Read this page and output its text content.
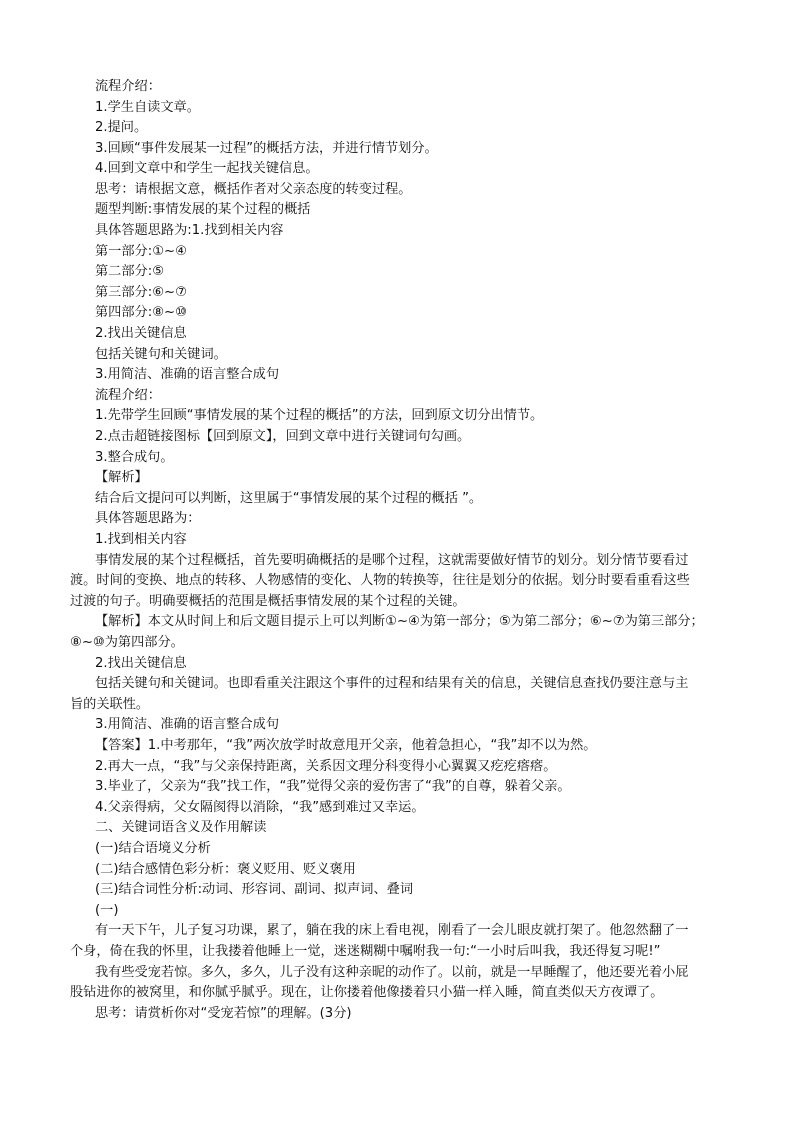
流程介绍：
1.学生自读文章。
2.提问。
3.回顾“事件发展某一过程”的概括方法，并进行情节划分。
4.回到文章中和学生一起找关键信息。
思考：请根据文意，概括作者对父亲态度的转变过程。
题型判断:事情发展的某个过程的概括
具体答题思路为:1.找到相关内容
第一部分:①~④
第二部分:⑤
第三部分:⑥~⑦
第四部分:⑧~⑩
2.找出关键信息
包括关键句和关键词。
3.用简洁、准确的语言整合成句
流程介绍：
1.先带学生回顾“事情发展的某个过程的概括”的方法，回到原文切分出情节。
2.点击超链接图标【回到原文】，回到文章中进行关键词句勾画。
3.整合成句。
【解析】
结合后文提问可以判断，这里属于“事情发展的某个过程的概括 ”。
具体答题思路为：
1.找到相关内容
事情发展的某个过程概括，首先要明确概括的是哪个过程，这就需要做好情节的划分。划分情节要看过
渡。时间的变换、地点的转移、人物感情的变化、人物的转换等，往往是划分的依据。划分时要看重看这些
过渡的句子。明确要概括的范围是概括事情发展的某个过程的关键。
【解析】本文从时间上和后文题目提示上可以判断①~④为第一部分；⑤为第二部分；⑥~⑦为第三部分；
⑧~⑩为第四部分。
2.找出关键信息
包括关键句和关键词。也即看重关注跟这个事件的过程和结果有关的信息，关键信息查找仍要注意与主
旨的关联性。
3.用简洁、准确的语言整合成句
【答案】1.中考那年，“我”两次放学时故意甩开父亲，他着急担心，“我”却不以为然。
2.再大一点，“我”与父亲保持距离，关系因文理分科变得小心翼翼又疙疙瘩瘩。
3.毕业了，父亲为“我”找工作，“我”觉得父亲的爱伤害了“我”的自尊，躲着父亲。
4.父亲得病，父女隔阂得以消除，“我”感到难过又幸运。
二、关键词语含义及作用解读
(一)结合语境义分析
(二)结合感情色彩分析：褒义贬用、贬义褒用
(三)结合词性分析:动词、形容词、副词、拟声词、叠词
(一)
有一天下午，儿子复习功课，累了，躺在我的床上看电视，刚看了一会儿眼皮就打架了。他忽然翻了一
个身，倚在我的怀里，让我搂着他睡上一觉，迷迷糊糊中嘱咐我一句:“一小时后叫我，我还得复习呢!”
我有些受宠若惊。多久，多久，儿子没有这种亲昵的动作了。以前，就是一早睡醒了，他还要光着小屁
股钻进你的被窝里，和你腻乎腻乎。现在，让你搂着他像搂着只小猫一样入睡，简直类似天方夜谭了。
思考：请赏析你对“受宠若惊”的理解。(3分)
